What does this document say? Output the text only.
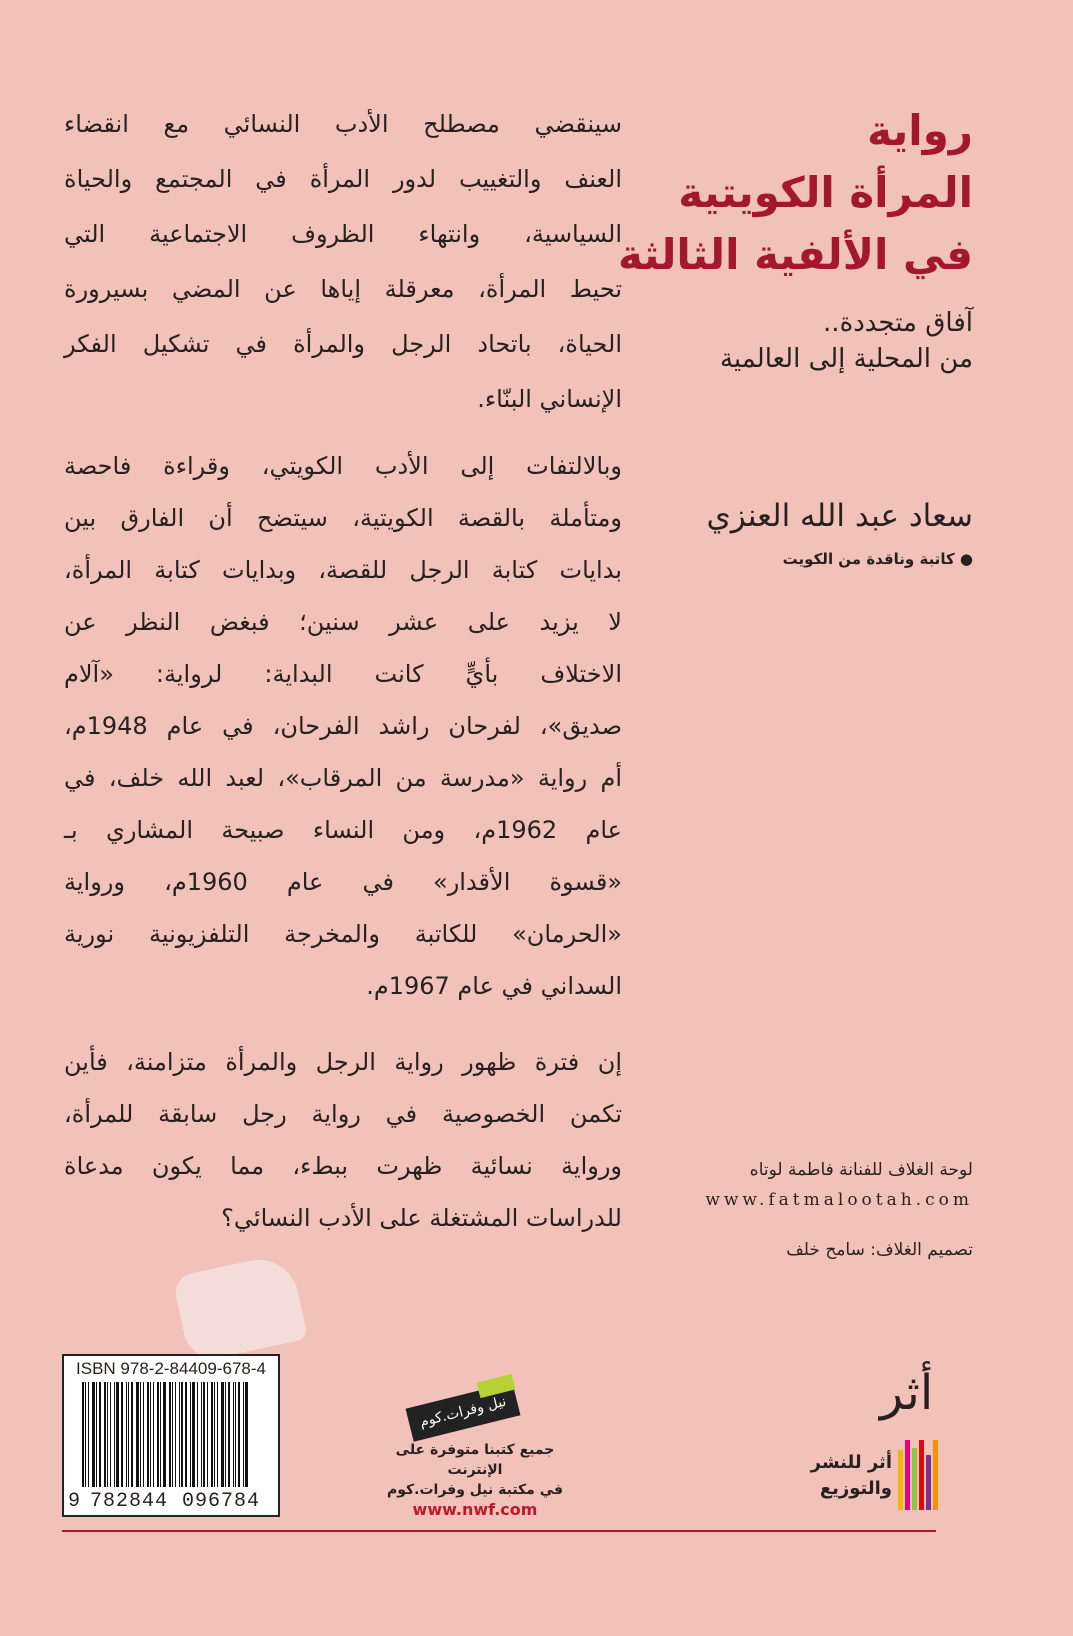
رواية
المرأة الكويتية
في الألفية الثالثة
آفاق متجددة..
من المحلية إلى العالمية
سعاد عبد الله العنزي
● كاتبة وناقدة من الكويت
لوحة الغلاف للفنانة فاطمة لوتاه
www.fatmalootah.com
تصميم الغلاف: سامح خلف
سينقضي مصطلح الأدب النسائي مع انقضاء
العنف والتغييب لدور المرأة في المجتمع والحياة
السياسية، وانتهاء الظروف الاجتماعية التي
تحيط المرأة، معرقلة إياها عن المضي بسيرورة
الحياة، باتحاد الرجل والمرأة في تشكيل الفكر
الإنساني البنّاء.
وبالالتفات إلى الأدب الكويتي، وقراءة فاحصة
ومتأملة بالقصة الكويتية، سيتضح أن الفارق بين
بدايات كتابة الرجل للقصة، وبدايات كتابة المرأة،
لا يزيد على عشر سنين؛ فبغض النظر عن
الاختلاف بأيٍّ كانت البداية: لرواية: «آلام
صديق»، لفرحان راشد الفرحان، في عام 1948م،
أم رواية «مدرسة من المرقاب»، لعبد الله خلف، في
عام 1962م، ومن النساء صبيحة المشاري بـ
«قسوة الأقدار» في عام 1960م، ورواية
«الحرمان» للكاتبة والمخرجة التلفزيونية نورية
السداني في عام 1967م.
إن فترة ظهور رواية الرجل والمرأة متزامنة، فأين
تكمن الخصوصية في رواية رجل سابقة للمرأة،
ورواية نسائية ظهرت ببطء، مما يكون مدعاة
للدراسات المشتغلة على الأدب النسائي؟
ISBN 978-2-84409-678-4
9 782844 096784
نيل وفرات.كوم
جميع كتبنا متوفرة على الإنترنت
في مكتبة نيل وفرات.كوم
www.nwf.com
أثر
أثر للنشر
والتوزيع
